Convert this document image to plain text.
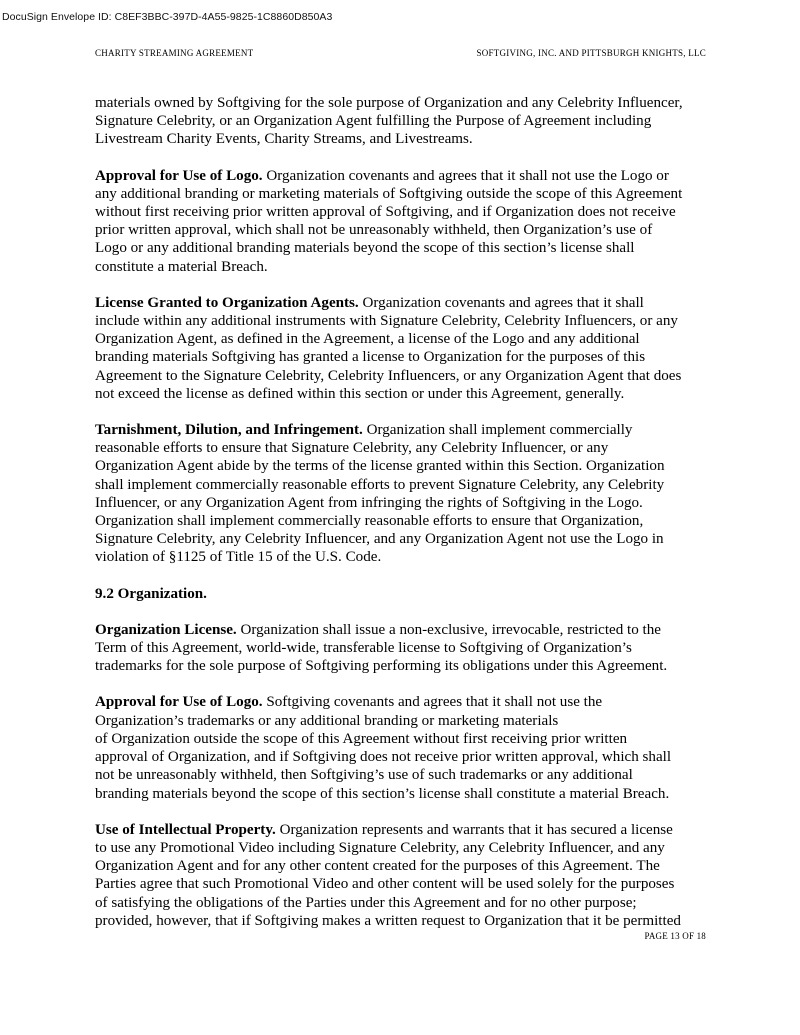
DocuSign Envelope ID: C8EF3BBC-397D-4A55-9825-1C8860D850A3
CHARITY STREAMING AGREEMENT	SOFTGIVING, INC. AND PITTSBURGH KNIGHTS, LLC

materials owned by Softgiving for the sole purpose of Organization and any Celebrity Influencer,
Signature Celebrity, or an Organization Agent fulfilling the Purpose of Agreement including
Livestream Charity Events, Charity Streams, and Livestreams.

Approval for Use of Logo. Organization covenants and agrees that it shall not use the Logo or
any additional branding or marketing materials of Softgiving outside the scope of this Agreement
without first receiving prior written approval of Softgiving, and if Organization does not receive
prior written approval, which shall not be unreasonably withheld, then Organization’s use of
Logo or any additional branding materials beyond the scope of this section’s license shall
constitute a material Breach.

License Granted to Organization Agents. Organization covenants and agrees that it shall
include within any additional instruments with Signature Celebrity, Celebrity Influencers, or any
Organization Agent, as defined in the Agreement, a license of the Logo and any additional
branding materials Softgiving has granted a license to Organization for the purposes of this
Agreement to the Signature Celebrity, Celebrity Influencers, or any Organization Agent that does
not exceed the license as defined within this section or under this Agreement, generally.

Tarnishment, Dilution, and Infringement. Organization shall implement commercially
reasonable efforts to ensure that Signature Celebrity, any Celebrity Influencer, or any
Organization Agent abide by the terms of the license granted within this Section. Organization
shall implement commercially reasonable efforts to prevent Signature Celebrity, any Celebrity
Influencer, or any Organization Agent from infringing the rights of Softgiving in the Logo.
Organization shall implement commercially reasonable efforts to ensure that Organization,
Signature Celebrity, any Celebrity Influencer, and any Organization Agent not use the Logo in
violation of §1125 of Title 15 of the U.S. Code.

9.2 Organization.

Organization License. Organization shall issue a non-exclusive, irrevocable, restricted to the
Term of this Agreement, world-wide, transferable license to Softgiving of Organization’s
trademarks for the sole purpose of Softgiving performing its obligations under this Agreement.

Approval for Use of Logo. Softgiving covenants and agrees that it shall not use the
Organization’s trademarks or any additional branding or marketing materials
of Organization outside the scope of this Agreement without first receiving prior written
approval of Organization, and if Softgiving does not receive prior written approval, which shall
not be unreasonably withheld, then Softgiving’s use of such trademarks or any additional
branding materials beyond the scope of this section’s license shall constitute a material Breach.

Use of Intellectual Property. Organization represents and warrants that it has secured a license
to use any Promotional Video including Signature Celebrity, any Celebrity Influencer, and any
Organization Agent and for any other content created for the purposes of this Agreement. The
Parties agree that such Promotional Video and other content will be used solely for the purposes
of satisfying the obligations of the Parties under this Agreement and for no other purpose;
provided, however, that if Softgiving makes a written request to Organization that it be permitted

PAGE 13 OF 18
